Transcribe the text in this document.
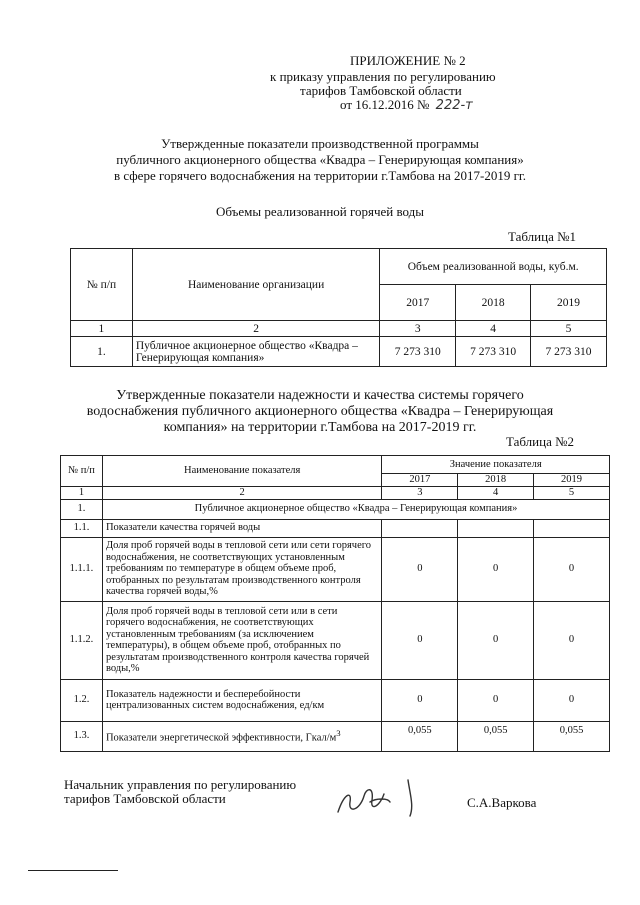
ПРИЛОЖЕНИЕ № 2
к приказу управления по регулированию
тарифов Тамбовской области
от 16.12.2016 № 222-т
Утвержденные показатели производственной программы
публичного акционерного общества «Квадра – Генерирующая компания»
в сфере горячего водоснабжения на территории г.Тамбова на 2017-2019 гг.
Объемы реализованной горячей воды
Таблица №1
№ п/п	Наименование организации	Объем реализованной воды, куб.м.		
		2017	2018	2019
1	2	3	4	5
1.	Публичное акционерное общество «Квадра – Генерирующая компания»	7 273 310	7 273 310	7 273 310
Утвержденные показатели надежности и качества системы горячего
водоснабжения публичного акционерного общества «Квадра – Генерирующая
компания» на территории г.Тамбова на 2017-2019 гг.
Таблица №2
№ п/п	Наименование показателя	Значение показателя		
		2017	2018	2019
1	2	3	4	5
1.	Публичное акционерное общество «Квадра – Генерирующая компания»			
1.1.	Показатели качества горячей воды			
1.1.1.	Доля проб горячей воды в тепловой сети или сети горячего водоснабжения, не соответствующих установленным требованиям по температуре в общем объеме проб, отобранных по результатам производственного контроля качества горячей воды,%	0	0	0
1.1.2.	Доля проб горячей воды в тепловой сети или в сети горячего водоснабжения, не соответствующих установленным требованиям (за исключением температуры), в общем объеме проб, отобранных по результатам производственного контроля качества горячей воды,%	0	0	0
1.2.	Показатель надежности и бесперебойности централизованных систем водоснабжения, ед/км	0	0	0
1.3.	Показатели энергетической эффективности, Гкал/$м^3$	0,055	0,055	0,055
Начальник управления по регулированию
тарифов Тамбовской области	С.А.Варкова
